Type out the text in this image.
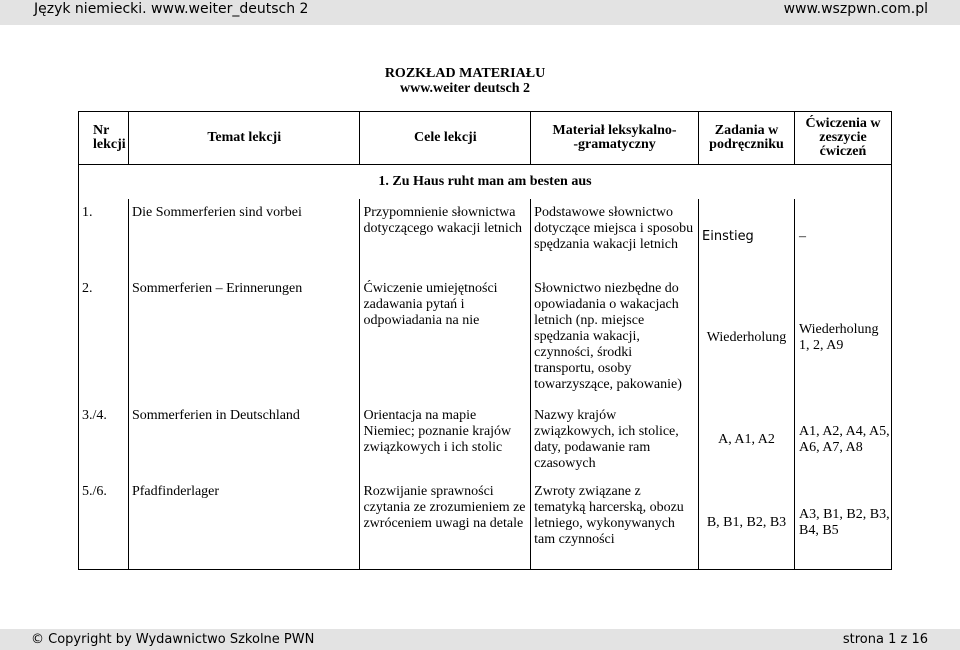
Język niemiecki. www.weiter_deutsch 2	www.wszpwn.com.pl
ROZKŁAD MATERIAŁU
www.weiter deutsch 2
Nr lekcji	Temat lekcji	Cele lekcji	Materiał leksykalno- -gramatyczny	Zadania w podręczniku	Ćwiczenia w zeszycie ćwiczeń
1. Zu Haus ruht man am besten aus					
1.	Die Sommerferien sind vorbei	Przypomnienie słownictwa dotyczącego wakacji letnich	Podstawowe słownictwo dotyczące miejsca i sposobu spędzania wakacji letnich	Einstieg	–
2.	Sommerferien – Erinnerungen	Ćwiczenie umiejętności zadawania pytań i odpowiadania na nie	Słownictwo niezbędne do opowiadania o wakacjach letnich (np. miejsce spędzania wakacji, czynności, środki transportu, osoby towarzyszące, pakowanie)	Wiederholung	Wiederholung 1, 2, A9
3./4.	Sommerferien in Deutschland	Orientacja na mapie Niemiec; poznanie krajów związkowych i ich stolic	Nazwy krajów związkowych, ich stolice, daty, podawanie ram czasowych	A, A1, A2	A1, A2, A4, A5, A6, A7, A8
5./6.	Pfadfinderlager	Rozwijanie sprawności czytania ze zrozumieniem ze zwróceniem uwagi na detale	Zwroty związane z tematyką harcerską, obozu letniego, wykonywanych tam czynności	B, B1, B2, B3	A3, B1, B2, B3, B4, B5
© Copyright by Wydawnictwo Szkolne PWN	strona 1 z 16
